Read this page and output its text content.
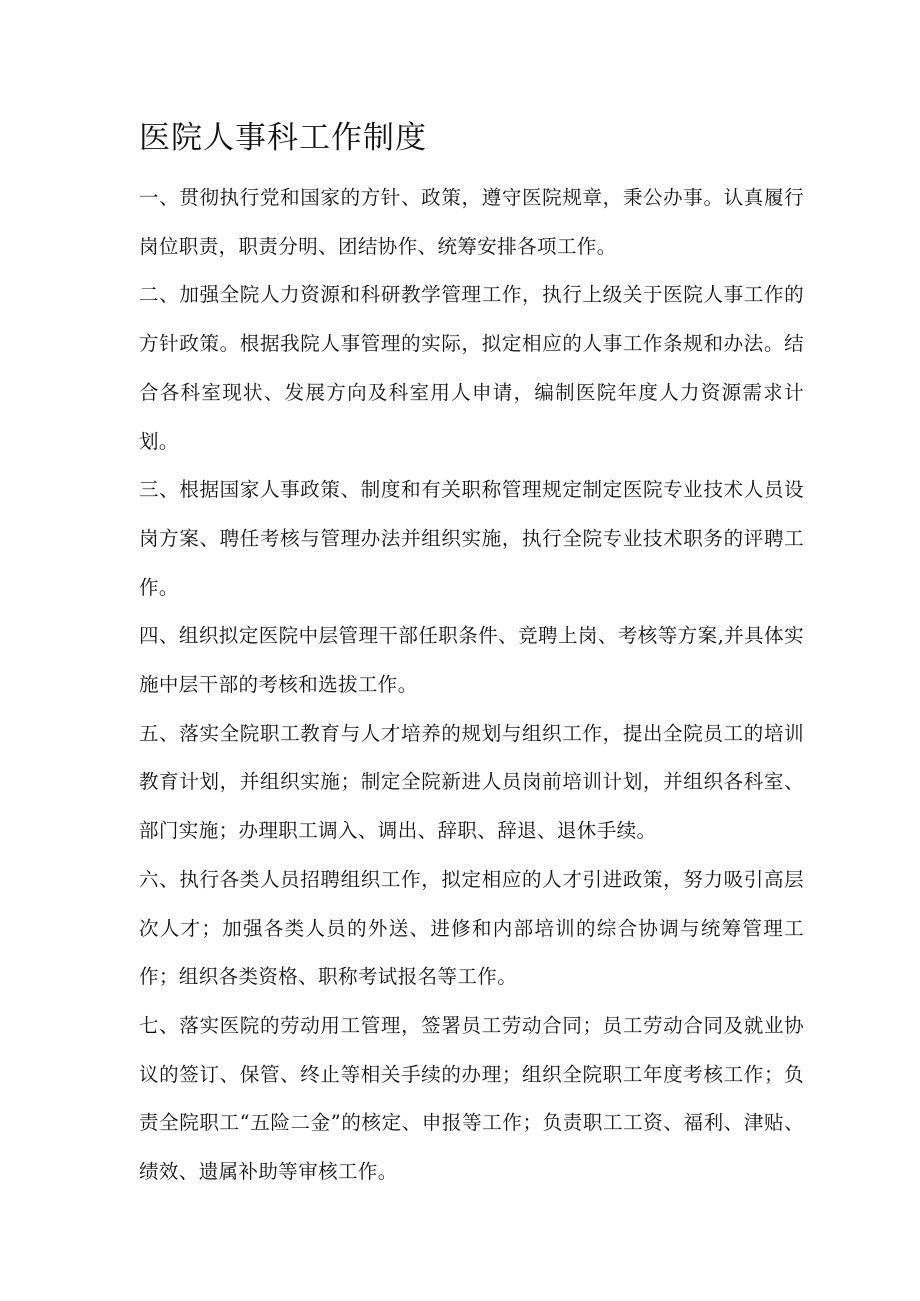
医院人事科工作制度

一、贯彻执行党和国家的方针、政策，遵守医院规章，秉公办事。认真履行岗位职责，职责分明、团结协作、统筹安排各项工作。

二、加强全院人力资源和科研教学管理工作，执行上级关于医院人事工作的方针政策。根据我院人事管理的实际，拟定相应的人事工作条规和办法。结合各科室现状、发展方向及科室用人申请，编制医院年度人力资源需求计划。

三、根据国家人事政策、制度和有关职称管理规定制定医院专业技术人员设岗方案、聘任考核与管理办法并组织实施，执行全院专业技术职务的评聘工作。

四、组织拟定医院中层管理干部任职条件、竞聘上岗、考核等方案,并具体实施中层干部的考核和选拔工作。

五、落实全院职工教育与人才培养的规划与组织工作，提出全院员工的培训教育计划，并组织实施；制定全院新进人员岗前培训计划，并组织各科室、部门实施；办理职工调入、调出、辞职、辞退、退休手续。

六、执行各类人员招聘组织工作，拟定相应的人才引进政策，努力吸引高层次人才；加强各类人员的外送、进修和内部培训的综合协调与统筹管理工作；组织各类资格、职称考试报名等工作。

七、落实医院的劳动用工管理，签署员工劳动合同；员工劳动合同及就业协议的签订、保管、终止等相关手续的办理；组织全院职工年度考核工作；负责全院职工“五险二金”的核定、申报等工作；负责职工工资、福利、津贴、绩效、遗属补助等审核工作。
